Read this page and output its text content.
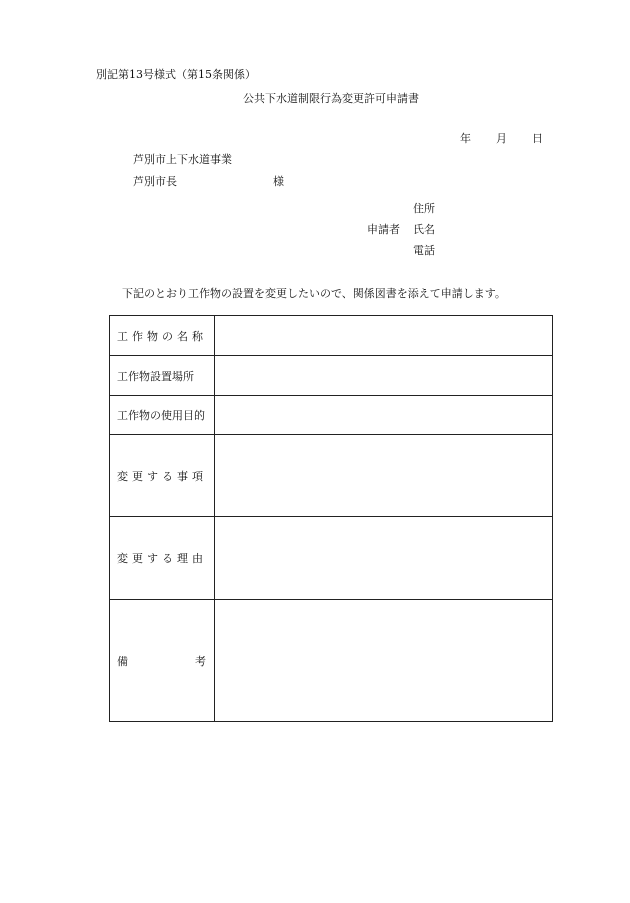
別記第13号様式（第15条関係）
公共下水道制限行為変更許可申請書
年 月 日
芦別市上下水道事業
芦別市長	様
住所
申請者 氏名
電話
下記のとおり工作物の設置を変更したいので、関係図書を添えて申請します。
工作物の名称
工作物設置場所
工作物の使用目的
変更する事項
変更する理由
備	考
